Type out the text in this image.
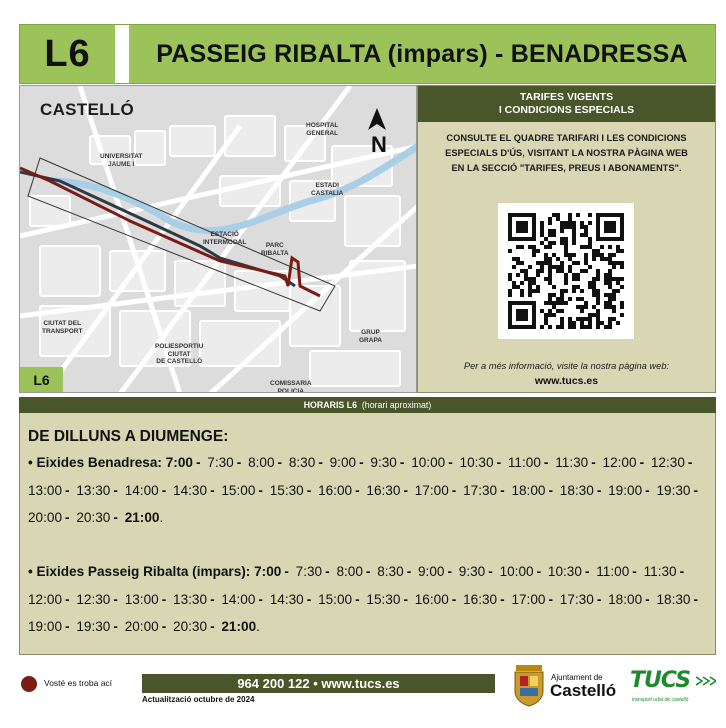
L6	PASSEIG RIBALTA (impars) - BENADRESSA
CASTELLÓ
N
HOSPITAL
GENERAL
UNIVERSITAT
JAUME I
ESTADI
CASTALIA
ESTACIÓ
INTERMODAL	PARC
RIBALTA
CIUTAT DEL
TRANSPORT
POLIESPORTIU
CIUTAT
DE CASTELLÓ
GRUP
GRAPA
COMISSARIA
POLICIA
L6
TARIFES VIGENTS
I CONDICIONS ESPECIALS
CONSULTE EL QUADRE TARIFARI I LES CONDICIONS
ESPECIALS D'ÚS, VISITANT LA NOSTRA PÀGINA WEB
EN LA SECCIÓ "TARIFES, PREUS I ABONAMENTS".
Per a més informació, visite la nostra pàgina web:
www.tucs.es
HORARIS L6 (horari aproximat)
DE DILLUNS A DIUMENGE:
• Eixides Benadresa: 7:00 - 7:30 - 8:00 - 8:30 - 9:00 - 9:30 - 10:00 - 10:30 - 11:00 - 11:30 - 12:00 - 12:30 - 13:00 - 13:30 - 14:00 - 14:30 - 15:00 - 15:30 - 16:00 - 16:30 - 17:00 - 17:30 - 18:00 - 18:30 - 19:00 - 19:30 - 20:00 - 20:30 - 21:00.
• Eixides Passeig Ribalta (impars): 7:00 - 7:30 - 8:00 - 8:30 - 9:00 - 9:30 - 10:00 - 10:30 - 11:00 - 11:30 - 12:00 - 12:30 - 13:00 - 13:30 - 14:00 - 14:30 - 15:00 - 15:30 - 16:00 - 16:30 - 17:00 - 17:30 - 18:00 - 18:30 - 19:00 - 19:30 - 20:00 - 20:30 - 21:00.
Vosté es troba ací	964 200 122 • www.tucs.es
Actualització octubre de 2024
Ajuntament de
Castelló TUCS
transport urbà de castelló
